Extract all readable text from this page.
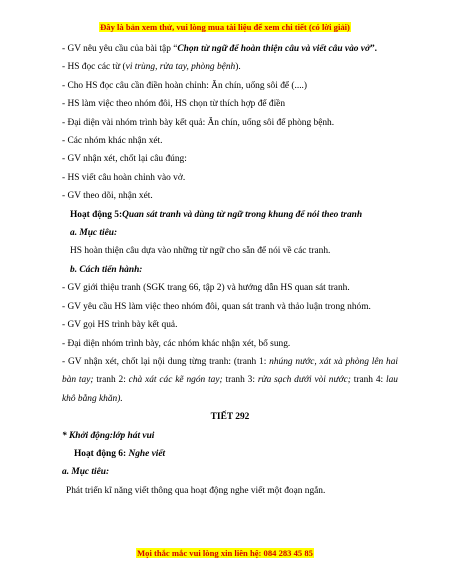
Đây là bản xem thử, vui lòng mua tài liệu để xem chi tiết (có lời giải)
- GV nêu yêu cầu của bài tập “Chọn từ ngữ để hoàn thiện câu và viết câu vào vở”.
- HS đọc các từ (vi trùng, rửa tay, phòng bệnh).
- Cho HS đọc câu cần điền hoàn chỉnh: Ăn chín, uống sôi để (....)
- HS làm việc theo nhóm đôi, HS chọn từ thích hợp để điền
- Đại diện vài nhóm trình bày kết quả: Ăn chín, uống sôi để phòng bệnh.
- Các nhóm khác nhận xét.
- GV nhận xét, chốt lại câu đúng:
- HS viết câu hoàn chỉnh vào vở.
- GV theo dõi, nhận xét.
Hoạt động 5:Quan sát tranh và dùng từ ngữ trong khung để nói theo tranh
a. Mục tiêu:
HS hoàn thiện câu dựa vào những từ ngữ cho sẵn để nói về các tranh.
b. Cách tiến hành:
- GV giới thiệu tranh (SGK trang 66, tập 2) và hướng dẫn HS quan sát tranh.
- GV yêu cầu HS làm việc theo nhóm đôi, quan sát tranh và thảo luận trong nhóm.
- GV gọi HS trình bày kết quả.
- Đại diện nhóm trình bày, các nhóm khác nhận xét, bổ sung.
- GV nhận xét, chốt lại nội dung từng tranh: (tranh 1: nhúng nước, xát xà phòng lên hai bàn tay; tranh 2: chà xát các kẽ ngón tay; tranh 3: rửa sạch dưới vòi nước; tranh 4: lau khô bằng khăn).
TIẾT 292
* Khởi động:lớp hát vui
Hoạt động 6: Nghe viết
a. Mục tiêu:
Phát triển kĩ năng viết thông qua hoạt động nghe viết một đoạn ngắn.
Mọi thắc mắc vui lòng xin liên hệ: 084 283 45 85
